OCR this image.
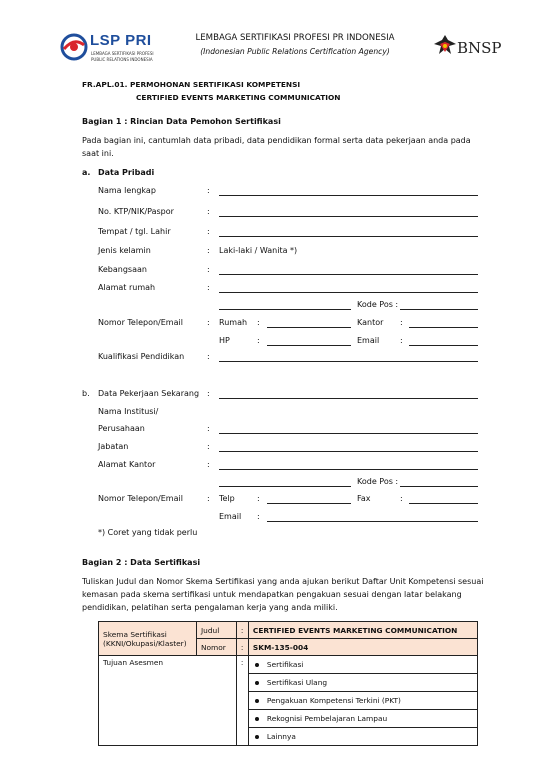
LSP PRI
LEMBAGA SERTIFIKASI PROFESI
PUBLIC RELATIONS INDONESIA
LEMBAGA SERTIFIKASI PROFESI PR INDONESIA
(Indonesian Public Relations Certification Agency)	BNSP
FR.APL.01. PERMOHONAN SERTIFIKASI KOMPETENSI
CERTIFIED EVENTS MARKETING COMMUNICATION
Bagian 1 : Rincian Data Pemohon Sertifikasi
Pada bagian ini, cantumlah data pribadi, data pendidikan formal serta data pekerjaan anda pada
saat ini.
a. Data Pribadi
Nama lengkap	:
No. KTP/NIK/Paspor	:
Tempat / tgl. Lahir	:
Jenis kelamin	: Laki-laki / Wanita *)
Kebangsaan	:
Alamat rumah	:
Kode Pos :
Nomor Telepon/Email	: Rumah :	Kantor :
HP	:	Email	:
Kualifikasi Pendidikan	:
b. Data Pekerjaan Sekarang :
Nama Institusi/
Perusahaan	:
Jabatan	:
Alamat Kantor	:
Kode Pos :
Nomor Telepon/Email	: Telp	:	Fax	:
Email :
*) Coret yang tidak perlu
Bagian 2 : Data Sertifikasi
Tuliskan Judul dan Nomor Skema Sertifikasi yang anda ajukan berikut Daftar Unit Kompetensi sesuai
kemasan pada skema sertifikasi untuk mendapatkan pengakuan sesuai dengan latar belakang
pendidikan, pelatihan serta pengalaman kerja yang anda miliki.
Skema Sertifikasi
(KKNI/Okupasi/Klaster)	Judul	:	CERTIFIED EVENTS MARKETING COMMUNICATION
	Nomor	:	SKM-135-004
Tujuan Asesmen		:	Sertifikasi
			Sertifikasi Ulang
			Pengakuan Kompetensi Terkini (PKT)
			Rekognisi Pembelajaran Lampau
			Lainnya
